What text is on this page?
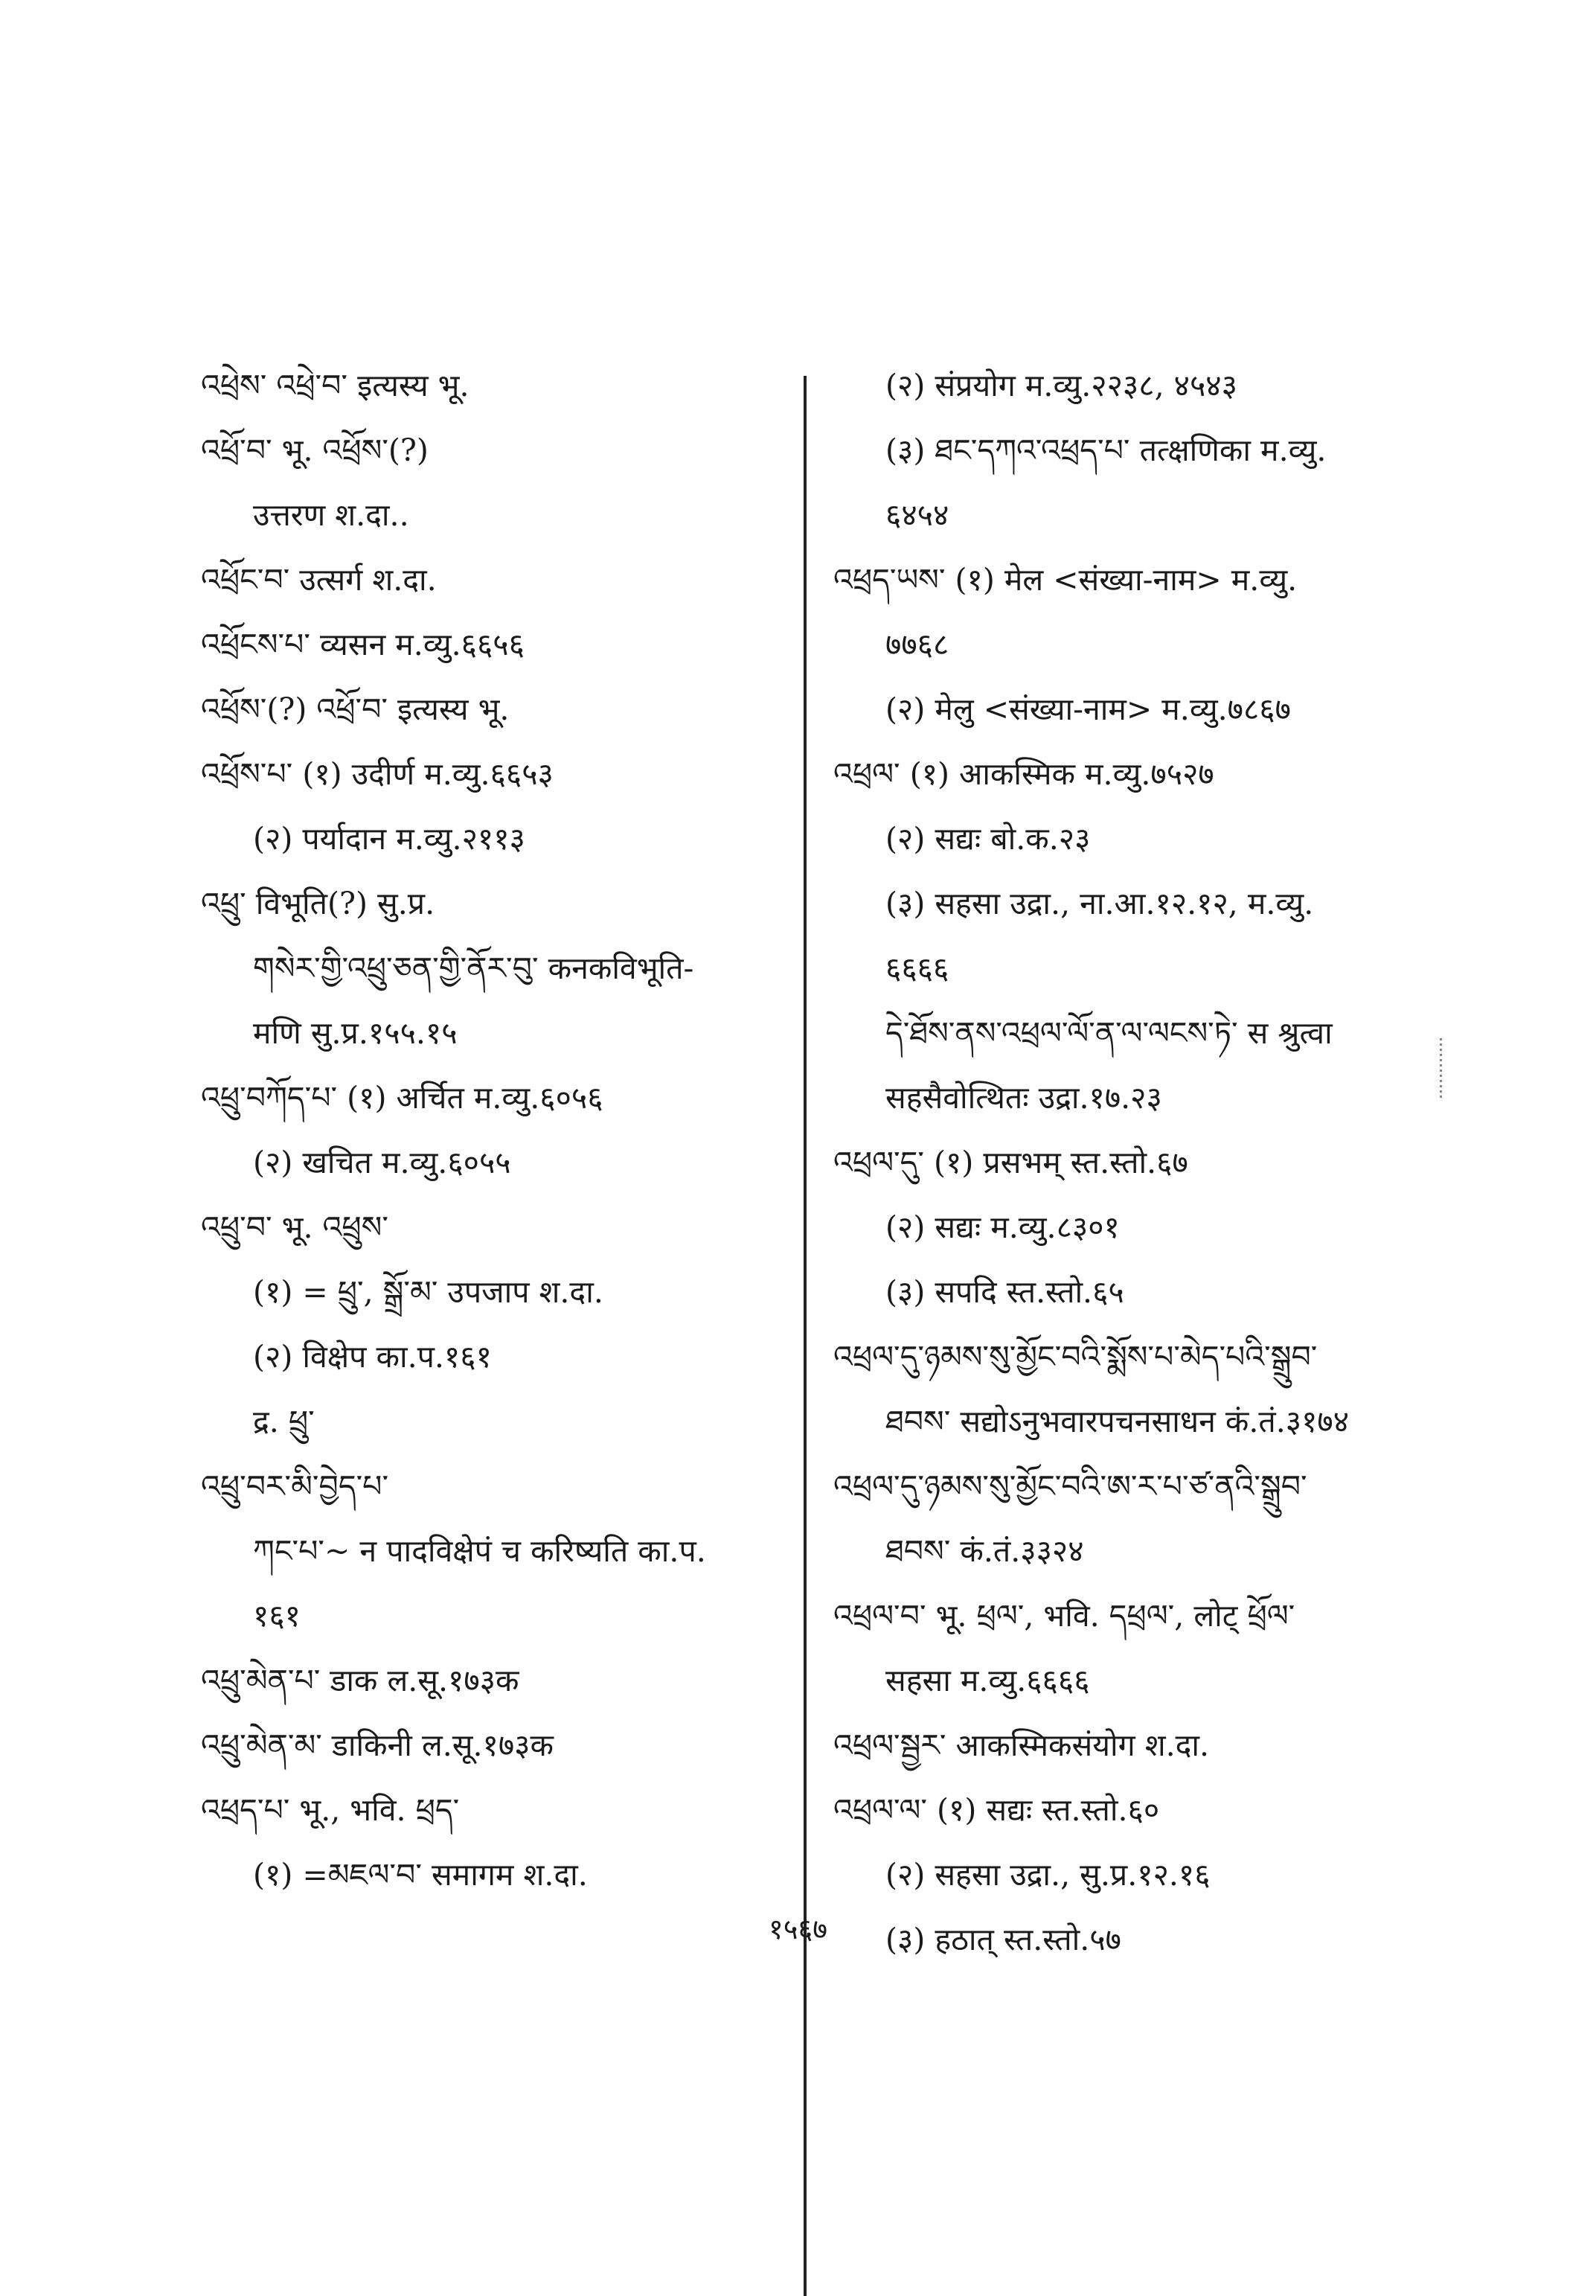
འཕྲེས་ འཕྲེ་བ་ इत्यस्य भू.
འཕྲོ་བ་ भू. འཕྲོས་(?)
उत्तरण श.दा..
འཕྲོང་བ་ उत्सर्ग श.दा.
འཕྲོངས་པ་ व्यसन म.व्यु.६६५६
འཕྲོས་(?) འཕྲོ་བ་ इत्यस्य भू.
འཕྲོས་པ་ (१) उदीर्ण म.व्यु.६६५३
(२) पर्यादान म.व्यु.२११३
འཕྲུ་ विभूति(?) सु.प्र.
གསེར་གྱི་འཕྲུ་ཅན་གྱི་ནོར་བུ་ कनकविभूति-
मणि सु.प्र.१५५.१५
འཕྲུ་བཀོད་པ་ (१) अर्चित म.व्यु.६०५६
(२) खचित म.व्यु.६०५५
འཕྲུ་བ་ भू. འཕྲུས་
(१) = ཕྲུ་, སྒྲོ་མ་ उपजाप श.दा.
(२) विक्षेप का.प.१६१
द्र. ཕྲུ་
འཕྲུ་བར་མི་བྱེད་པ་
ཀང་པ་~ न पादविक्षेपं च करिष्यति का.प.
१६१
འཕྲུ་མེན་པ་ डाक ल.सू.१७३क
འཕྲུ་མེན་མ་ डाकिनी ल.सू.१७३क
འཕྲད་པ་ भू., भवि. ཕྲད་
(१) =མཇལ་བ་ समागम श.दा.
(२) संप्रयोग म.व्यु.२२३८, ४५४३
(३) ཐང་དཀའ་འཕྲད་པ་ तत्क्षणिका म.व्यु.
६४५४
འཕྲད་ཡས་ (१) मेल <संख्या-नाम> म.व्यु.
७७६८
(२) मेलु <संख्या-नाम> म.व्यु.७८६७
འཕྲལ་ (१) आकस्मिक म.व्यु.७५२७
(२) सद्यः बो.क.२३
(३) सहसा उद्रा., ना.आ.१२.१२, म.व्यु.
६६६६
དེ་ཐོས་ནས་འཕྲལ་ལོ་ན་ལ་ལངས་ཏེ་ स श्रुत्वा
सहसैवोत्थितः उद्रा.१७.२३
འཕྲལ་དུ་ (१) प्रसभम् स्त.स्तो.६७
(२) सद्यः म.व्यु.८३०१
(३) सपदि स्त.स्तो.६५
འཕྲལ་དུ་ཉམས་སུ་མྱོང་བའི་སྨོས་པ་མེད་པའི་སྒྲུབ་
ཐབས་ सद्योऽनुभवारपचनसाधन कं.तं.३१७४
འཕྲལ་དུ་ཉམས་སུ་མྱོང་བའི་ཨ་ར་པ་ཙ་ནའི་སྒྲུབ་
ཐབས་ कं.तं.३३२४
འཕྲལ་བ་ भू. ཕྲལ་, भवि. དཕྲལ་, लोट् ཕྲོལ་
सहसा म.व्यु.६६६६
འཕྲལ་སྦྱར་ आकस्मिकसंयोग श.दा.
འཕྲལ་ལ་ (१) सद्यः स्त.स्तो.६०
(२) सहसा उद्रा., सु.प्र.१२.१६
(३) हठात् स्त.स्तो.५७
१५६७
